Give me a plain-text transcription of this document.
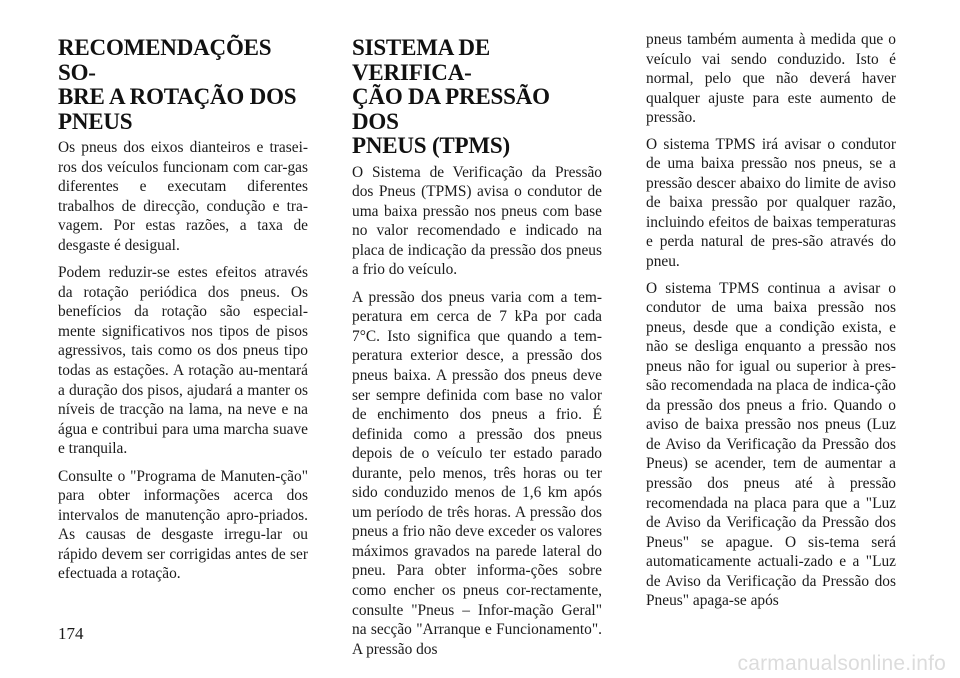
RECOMENDAÇÕES SO-
BRE A ROTAÇÃO DOS
PNEUS

Os pneus dos eixos dianteiros e trasei-ros dos veículos funcionam com car-gas diferentes e executam diferentes trabalhos de direcção, condução e tra-vagem. Por estas razões, a taxa de desgaste é desigual.

Podem reduzir-se estes efeitos através da rotação periódica dos pneus. Os benefícios da rotação são especial-mente significativos nos tipos de pisos agressivos, tais como os dos pneus tipo todas as estações. A rotação au-mentará a duração dos pisos, ajudará a manter os níveis de tracção na lama, na neve e na água e contribui para uma marcha suave e tranquila.

Consulte o "Programa de Manuten-ção" para obter informações acerca dos intervalos de manutenção apro-priados. As causas de desgaste irregu-lar ou rápido devem ser corrigidas antes de ser efectuada a rotação.

SISTEMA DE VERIFICA-
ÇÃO DA PRESSÃO DOS
PNEUS (TPMS)

O Sistema de Verificação da Pressão dos Pneus (TPMS) avisa o condutor de uma baixa pressão nos pneus com base no valor recomendado e indicado na placa de indicação da pressão dos pneus a frio do veículo.

A pressão dos pneus varia com a tem-peratura em cerca de 7 kPa por cada 7°C. Isto significa que quando a tem-peratura exterior desce, a pressão dos pneus baixa. A pressão dos pneus deve ser sempre definida com base no valor de enchimento dos pneus a frio. É definida como a pressão dos pneus depois de o veículo ter estado parado durante, pelo menos, três horas ou ter sido conduzido menos de 1,6 km após um período de três horas. A pressão dos pneus a frio não deve exceder os valores máximos gravados na parede lateral do pneu. Para obter informa-ções sobre como encher os pneus cor-rectamente, consulte "Pneus – Infor-mação Geral" na secção "Arranque e Funcionamento". A pressão dos

pneus também aumenta à medida que o veículo vai sendo conduzido. Isto é normal, pelo que não deverá haver qualquer ajuste para este aumento de pressão.

O sistema TPMS irá avisar o condutor de uma baixa pressão nos pneus, se a pressão descer abaixo do limite de aviso de baixa pressão por qualquer razão, incluindo efeitos de baixas temperaturas e perda natural de pres-são através do pneu.

O sistema TPMS continua a avisar o condutor de uma baixa pressão nos pneus, desde que a condição exista, e não se desliga enquanto a pressão nos pneus não for igual ou superior à pres-são recomendada na placa de indica-ção da pressão dos pneus a frio. Quando o aviso de baixa pressão nos pneus (Luz de Aviso da Verificação da Pressão dos Pneus) se acender, tem de aumentar a pressão dos pneus até à pressão recomendada na placa para que a "Luz de Aviso da Verificação da Pressão dos Pneus" se apague. O sis-tema será automaticamente actuali-zado e a "Luz de Aviso da Verificação da Pressão dos Pneus" apaga-se após

174
carmanualsonline.info
